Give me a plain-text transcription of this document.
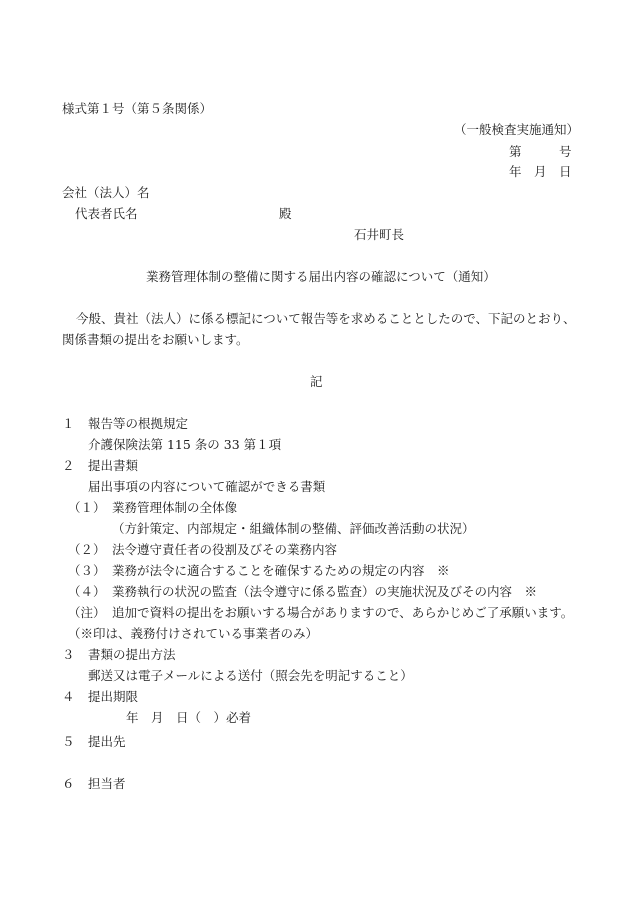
様式第１号（第５条関係）
（一般検査実施通知）
第　　　号
年　月　日
会社（法人）名
代表者氏名	殿
石井町長
業務管理体制の整備に関する届出内容の確認について（通知）
今般、貴社（法人）に係る標記について報告等を求めることとしたので、下記のとおり、
関係書類の提出をお願いします。
記
１ 報告等の根拠規定
介護保険法第 115 条の 33 第１項
２ 提出書類
届出事項の内容について確認ができる書類
（１） 業務管理体制の全体像
（方針策定、内部規定・組織体制の整備、評価改善活動の状況）
（２） 法令遵守責任者の役割及びその業務内容
（３） 業務が法令に適合することを確保するための規定の内容　※
（４） 業務執行の状況の監査（法令遵守に係る監査）の実施状況及びその内容　※
（注） 追加で資料の提出をお願いする場合がありますので、あらかじめご了承願います。
（※印は、義務付けされている事業者のみ）
３ 書類の提出方法
郵送又は電子メールによる送付（照会先を明記すること）
４ 提出期限
年　月　日（　）必着
５ 提出先
６ 担当者
